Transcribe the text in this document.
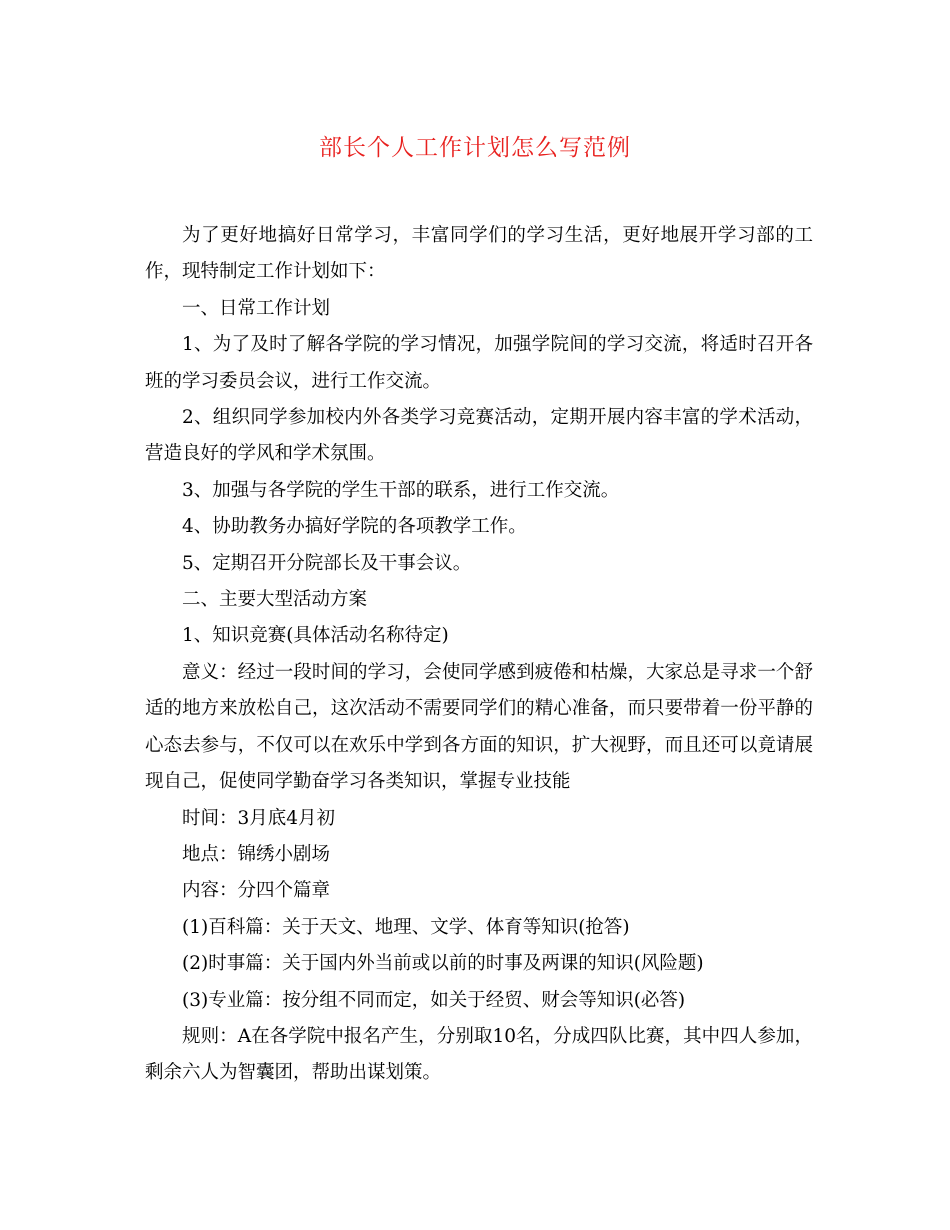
部长个人工作计划怎么写范例

为了更好地搞好日常学习，丰富同学们的学习生活，更好地展开学习部的工作，现特制定工作计划如下：

一、日常工作计划

1、为了及时了解各学院的学习情况，加强学院间的学习交流，将适时召开各班的学习委员会议，进行工作交流。

2、组织同学参加校内外各类学习竞赛活动，定期开展内容丰富的学术活动，营造良好的学风和学术氛围。

3、加强与各学院的学生干部的联系，进行工作交流。

4、协助教务办搞好学院的各项教学工作。

5、定期召开分院部长及干事会议。

二、主要大型活动方案

1、知识竞赛(具体活动名称待定)

意义：经过一段时间的学习，会使同学感到疲倦和枯燥，大家总是寻求一个舒适的地方来放松自己，这次活动不需要同学们的精心准备，而只要带着一份平静的心态去参与，不仅可以在欢乐中学到各方面的知识，扩大视野，而且还可以竟请展现自己，促使同学勤奋学习各类知识，掌握专业技能

时间：3月底4月初

地点：锦绣小剧场

内容：分四个篇章

(1)百科篇：关于天文、地理、文学、体育等知识(抢答)

(2)时事篇：关于国内外当前或以前的时事及两课的知识(风险题)

(3)专业篇：按分组不同而定，如关于经贸、财会等知识(必答)

规则：A在各学院中报名产生，分别取10名，分成四队比赛，其中四人参加，剩余六人为智囊团，帮助出谋划策。
